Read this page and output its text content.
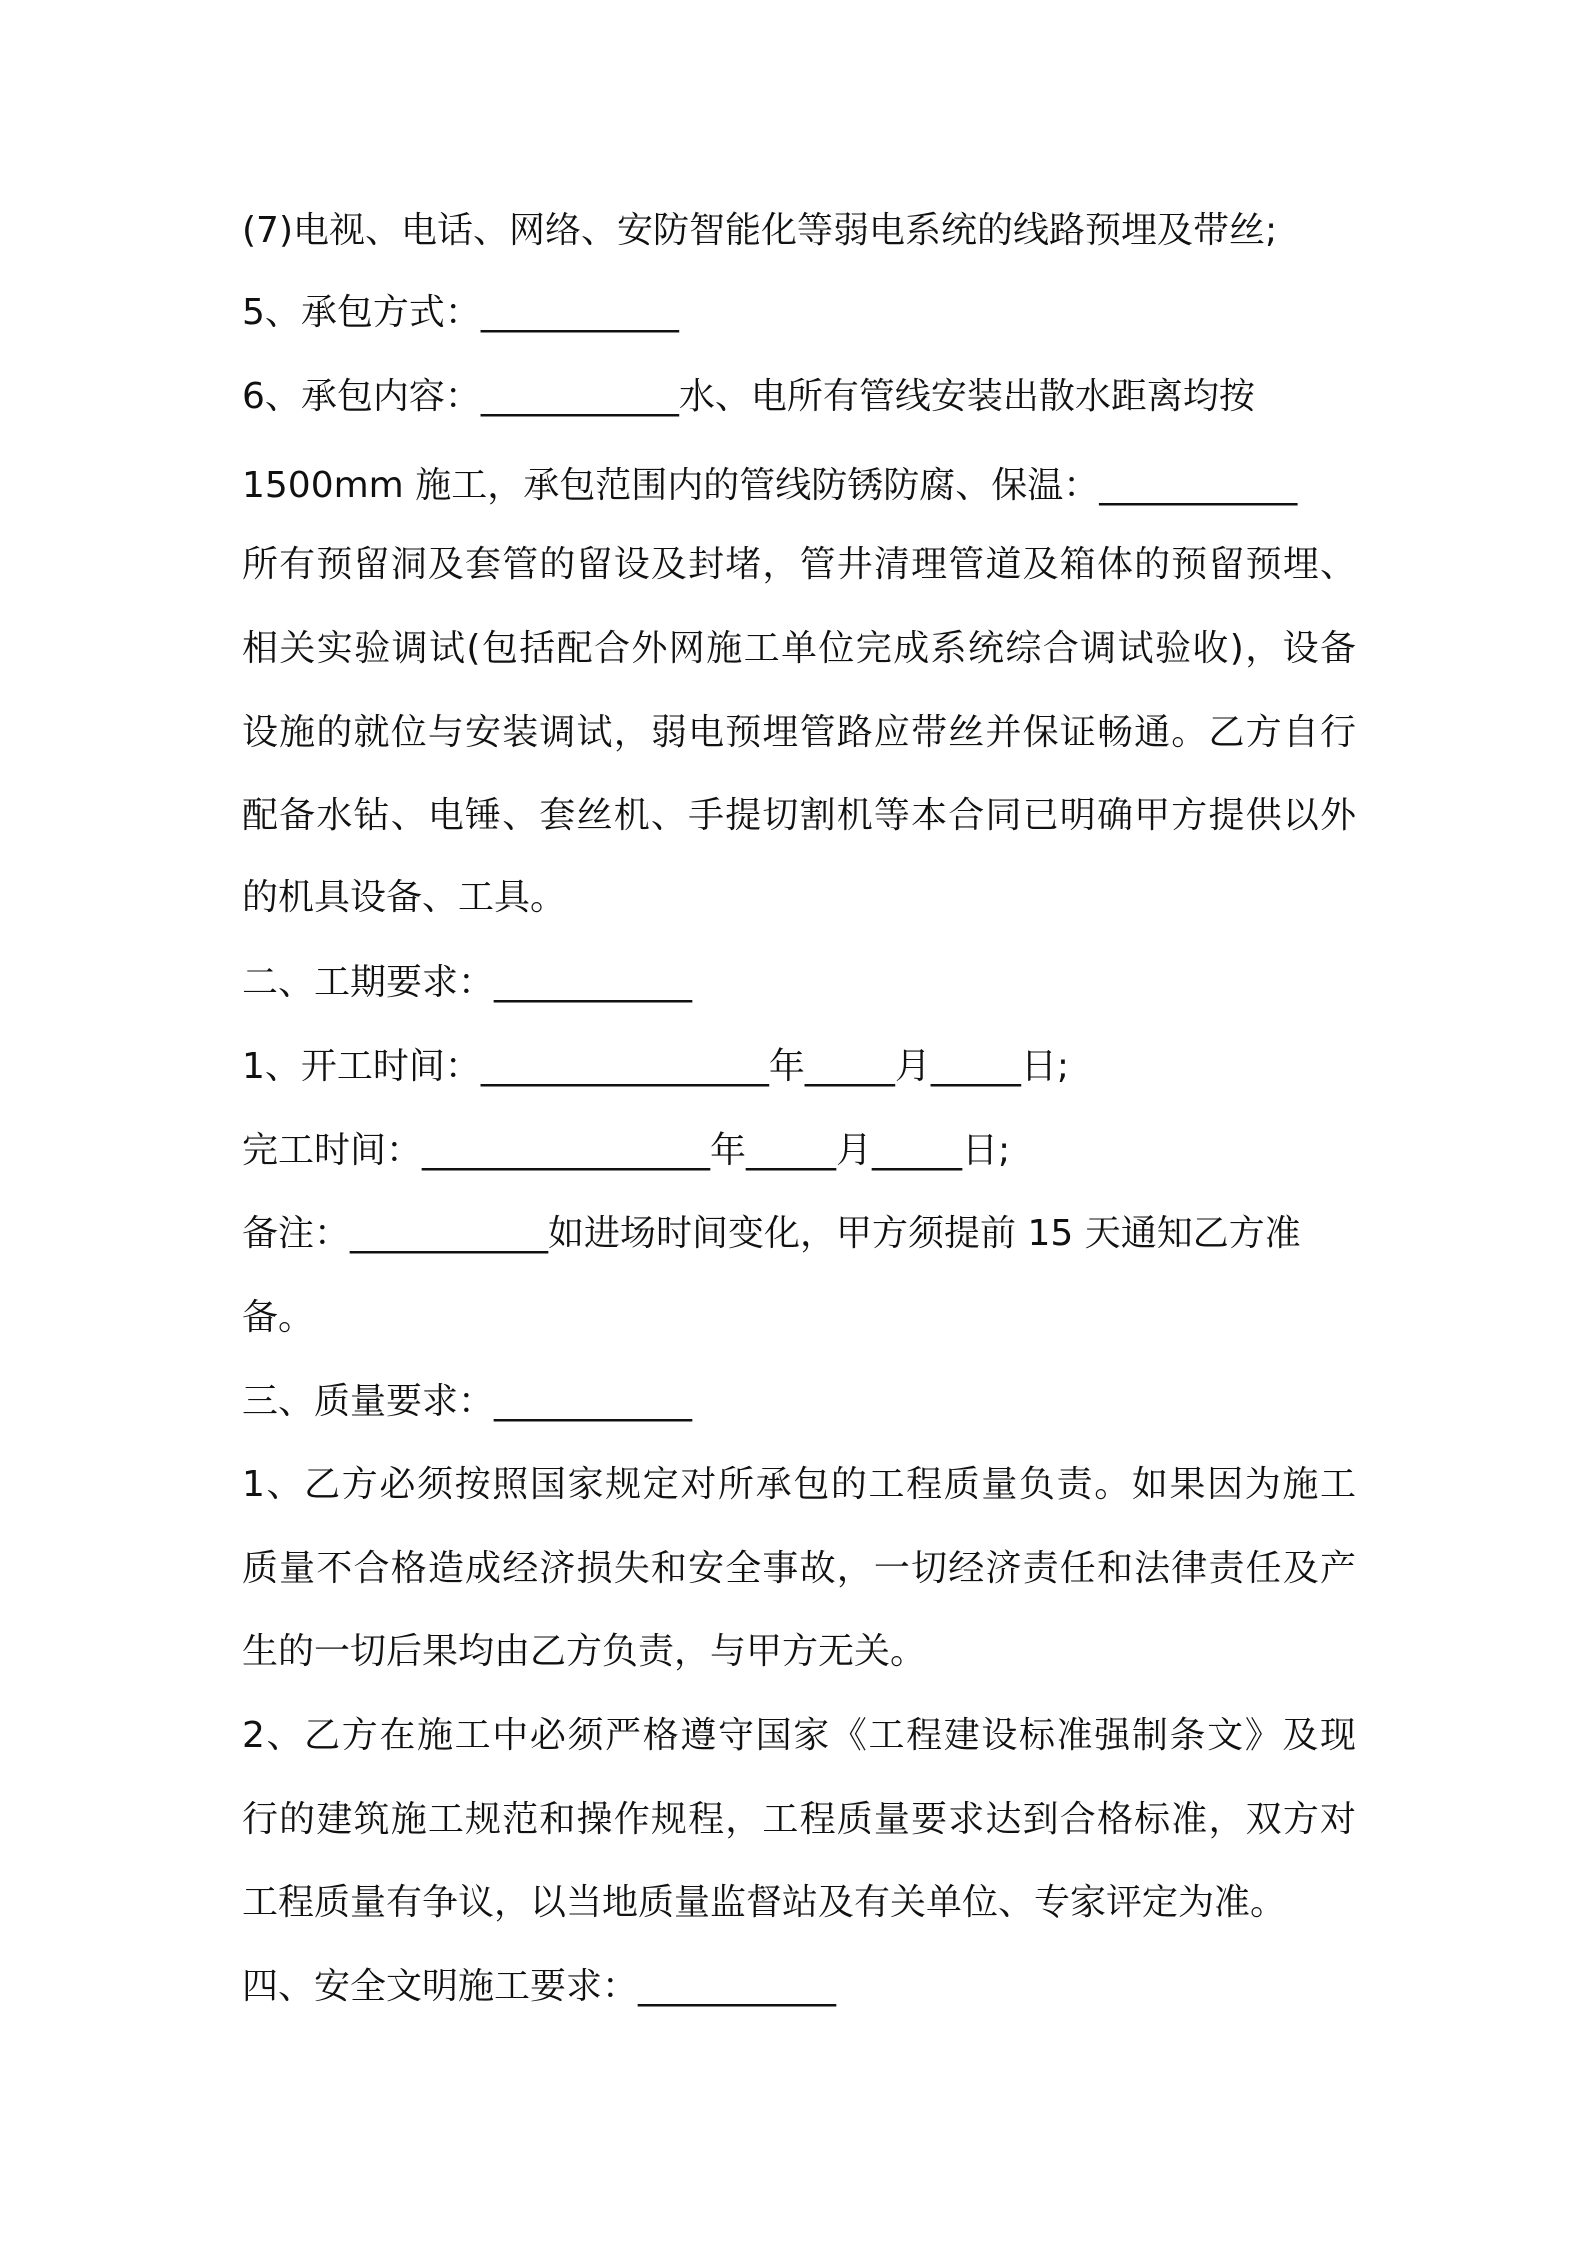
(7)电视、电话、网络、安防智能化等弱电系统的线路预埋及带丝;
5、承包方式：___________
6、承包内容：___________水、电所有管线安装出散水距离均按
1500mm 施工，承包范围内的管线防锈防腐、保温：___________
所有预留洞及套管的留设及封堵，管井清理管道及箱体的预留预埋、
相关实验调试(包括配合外网施工单位完成系统综合调试验收)，设备
设施的就位与安装调试，弱电预埋管路应带丝并保证畅通。乙方自行
配备水钻、电锤、套丝机、手提切割机等本合同已明确甲方提供以外
的机具设备、工具。
二、工期要求：___________
1、开工时间：________________年_____月_____日;
完工时间：________________年_____月_____日;
备注：___________如进场时间变化，甲方须提前 15 天通知乙方准
备。
三、质量要求：___________
1、乙方必须按照国家规定对所承包的工程质量负责。如果因为施工
质量不合格造成经济损失和安全事故，一切经济责任和法律责任及产
生的一切后果均由乙方负责，与甲方无关。
2、乙方在施工中必须严格遵守国家《工程建设标准强制条文》及现
行的建筑施工规范和操作规程，工程质量要求达到合格标准，双方对
工程质量有争议，以当地质量监督站及有关单位、专家评定为准。
四、安全文明施工要求：___________
